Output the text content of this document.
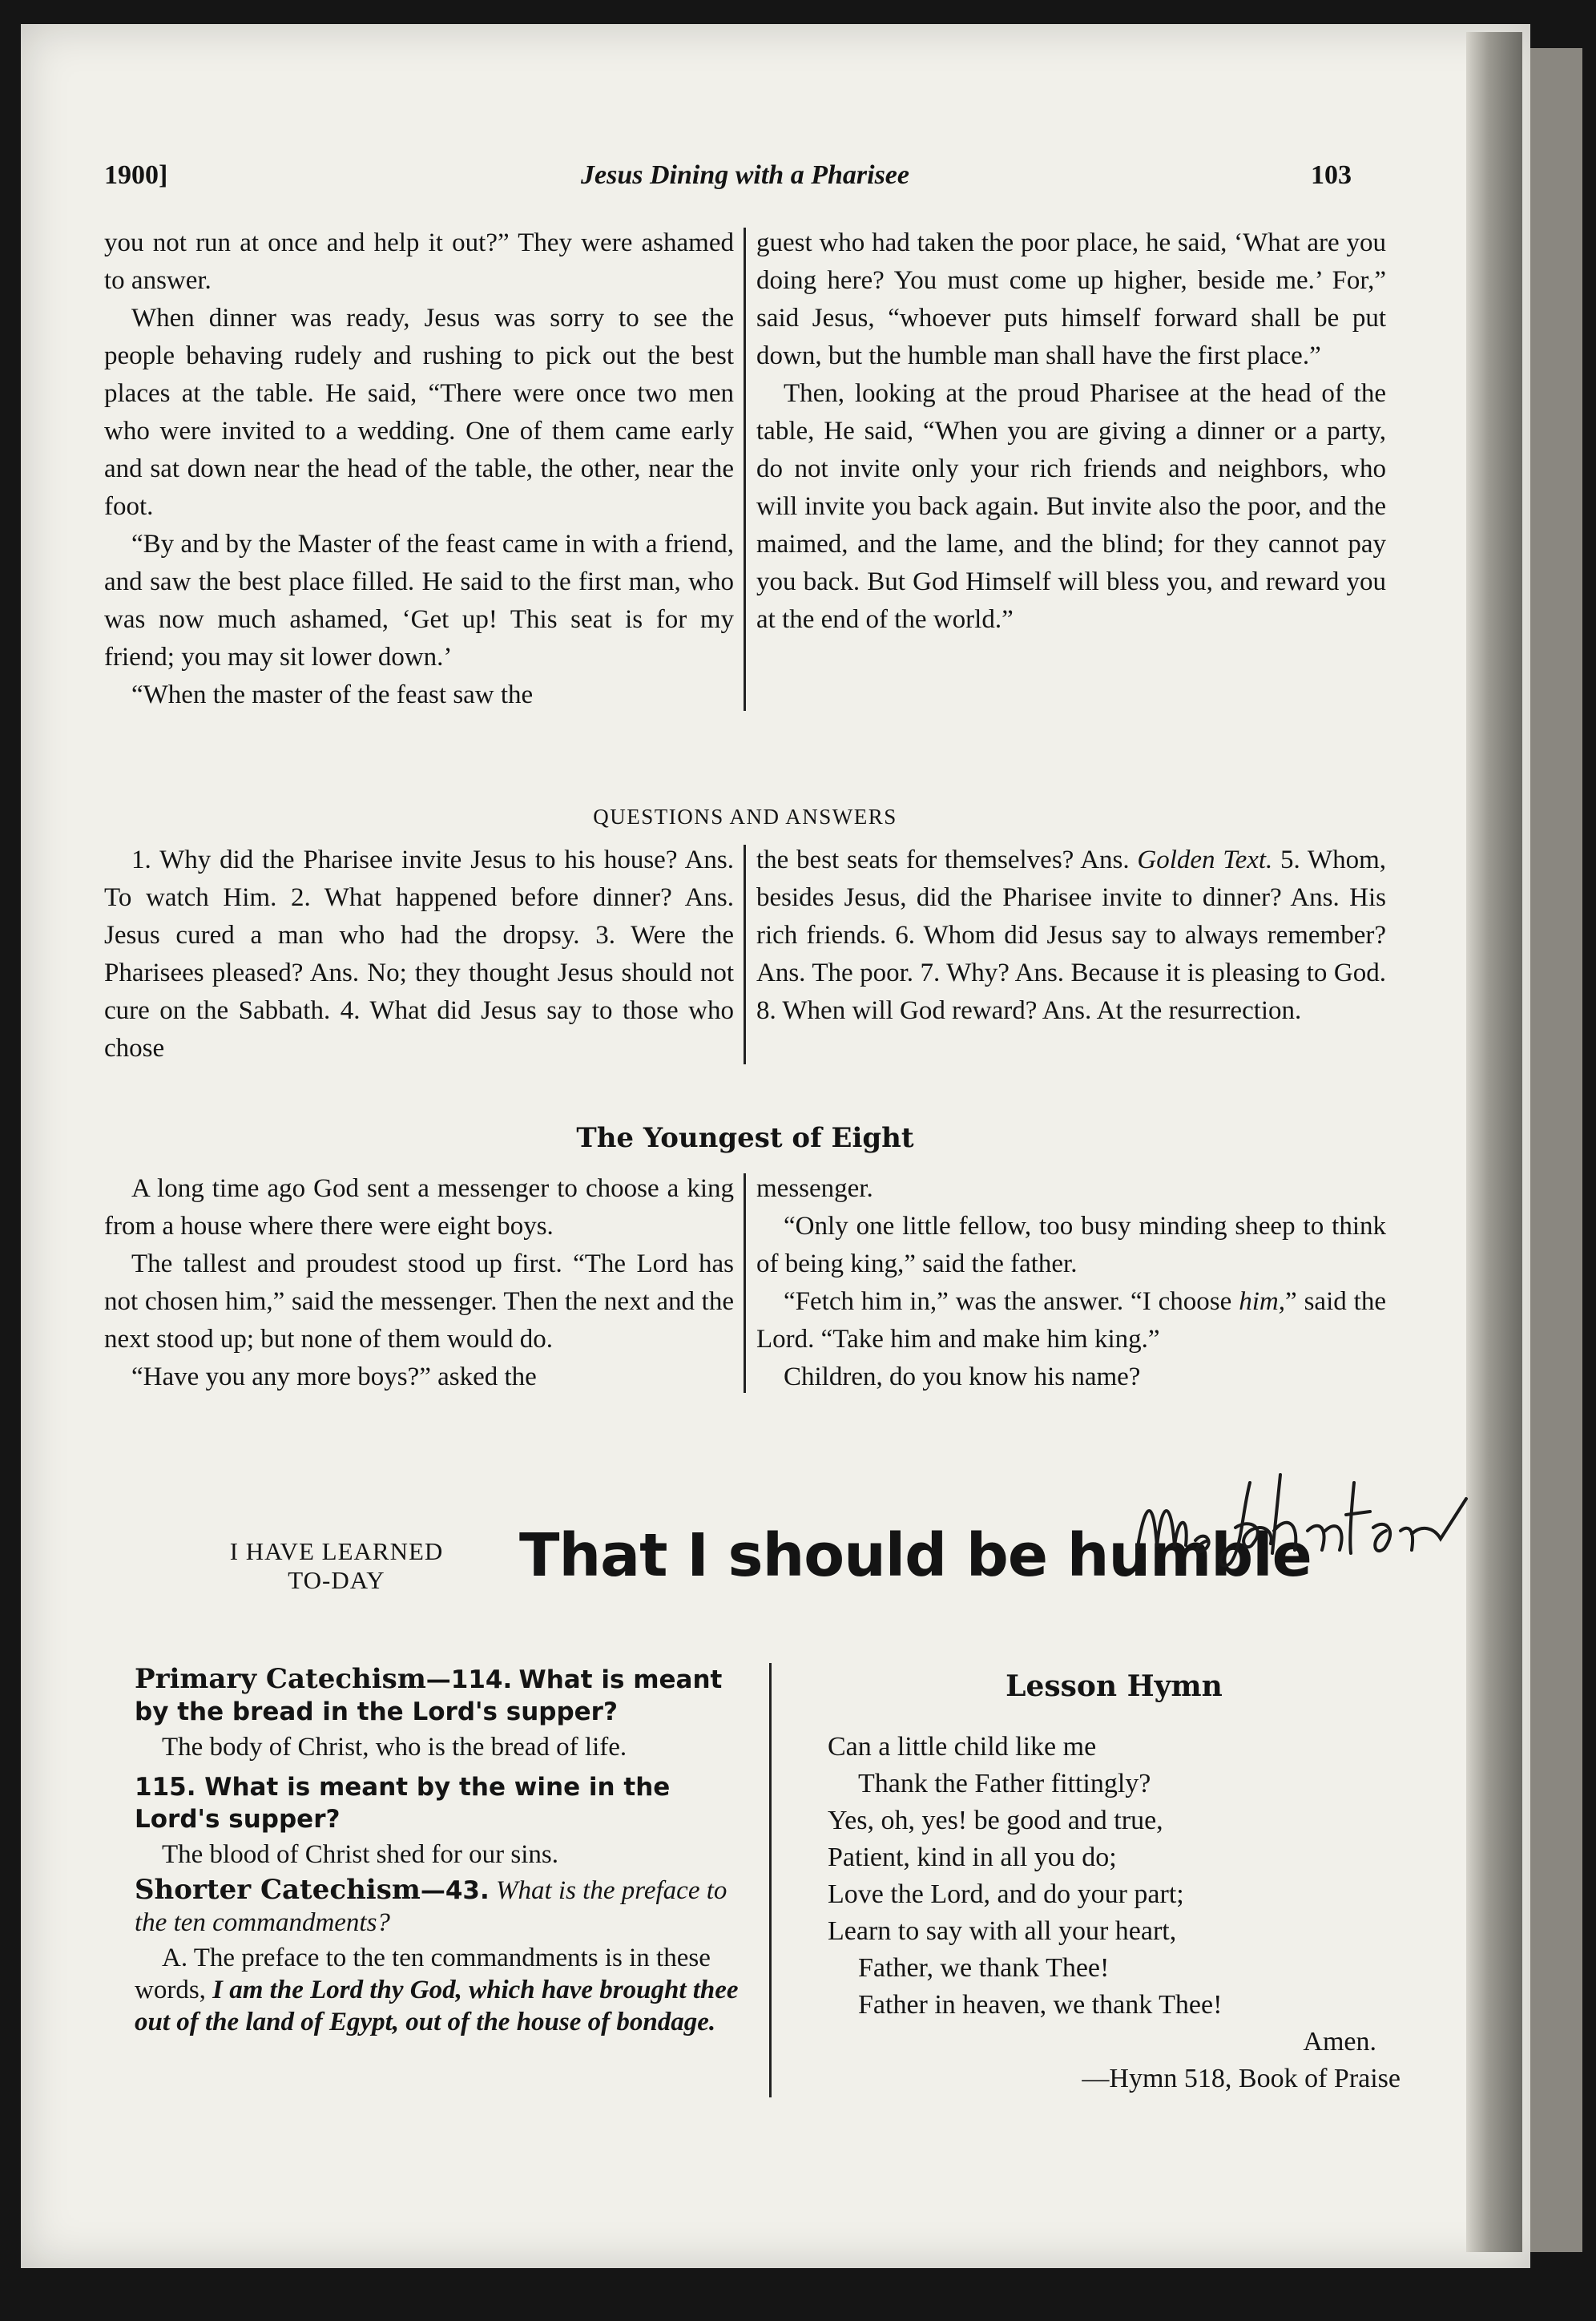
1900]	Jesus Dining with a Pharisee	103

you not run at once and help it out?” They were ashamed to answer.

When dinner was ready, Jesus was sorry to see the people behaving rudely and rushing to pick out the best places at the table. He said, “There were once two men who were invited to a wedding. One of them came early and sat down near the head of the table, the other, near the foot.

“By and by the Master of the feast came in with a friend, and saw the best place filled. He said to the first man, who was now much ashamed, ‘Get up! This seat is for my friend; you may sit lower down.’

“When the master of the feast saw the

guest who had taken the poor place, he said, ‘What are you doing here? You must come up higher, beside me.’ For,” said Jesus, “whoever puts himself forward shall be put down, but the humble man shall have the first place.”

Then, looking at the proud Pharisee at the head of the table, He said, “When you are giving a dinner or a party, do not invite only your rich friends and neighbors, who will invite you back again. But invite also the poor, and the maimed, and the lame, and the blind; for they cannot pay you back. But God Himself will bless you, and reward you at the end of the world.”

QUESTIONS AND ANSWERS

1. Why did the Pharisee invite Jesus to his house? Ans. To watch Him. 2. What happened before dinner? Ans. Jesus cured a man who had the dropsy. 3. Were the Pharisees pleased? Ans. No; they thought Jesus should not cure on the Sabbath. 4. What did Jesus say to those who chose

the best seats for themselves? Ans. Golden Text. 5. Whom, besides Jesus, did the Pharisee invite to dinner? Ans. His rich friends. 6. Whom did Jesus say to always remember? Ans. The poor. 7. Why? Ans. Because it is pleasing to God. 8. When will God reward? Ans. At the resurrection.

The Youngest of Eight

A long time ago God sent a messenger to choose a king from a house where there were eight boys.

The tallest and proudest stood up first. “The Lord has not chosen him,” said the messenger. Then the next and the next stood up; but none of them would do.

“Have you any more boys?” asked the

messenger.

“Only one little fellow, too busy minding sheep to think of being king,” said the father.

“Fetch him in,” was the answer. “I choose him,” said the Lord. “Take him and make him king.”

Children, do you know his name?

I HAVE LEARNED
TO-DAY	That I should be humble

Primary Catechism—114. What is meant by the bread in the Lord's supper?

The body of Christ, who is the bread of life.

115. What is meant by the wine in the Lord's supper?

The blood of Christ shed for our sins.

Shorter Catechism—43. What is the preface to the ten commandments?

A. The preface to the ten commandments is in these words, I am the Lord thy God, which have brought thee out of the land of Egypt, out of the house of bondage.

Lesson Hymn
Can a little child like me
Thank the Father fittingly?
Yes, oh, yes! be good and true,
Patient, kind in all you do;
Love the Lord, and do your part;
Learn to say with all your heart,
Father, we thank Thee!
Father in heaven, we thank Thee!
Amen.
—Hymn 518, Book of Praise
